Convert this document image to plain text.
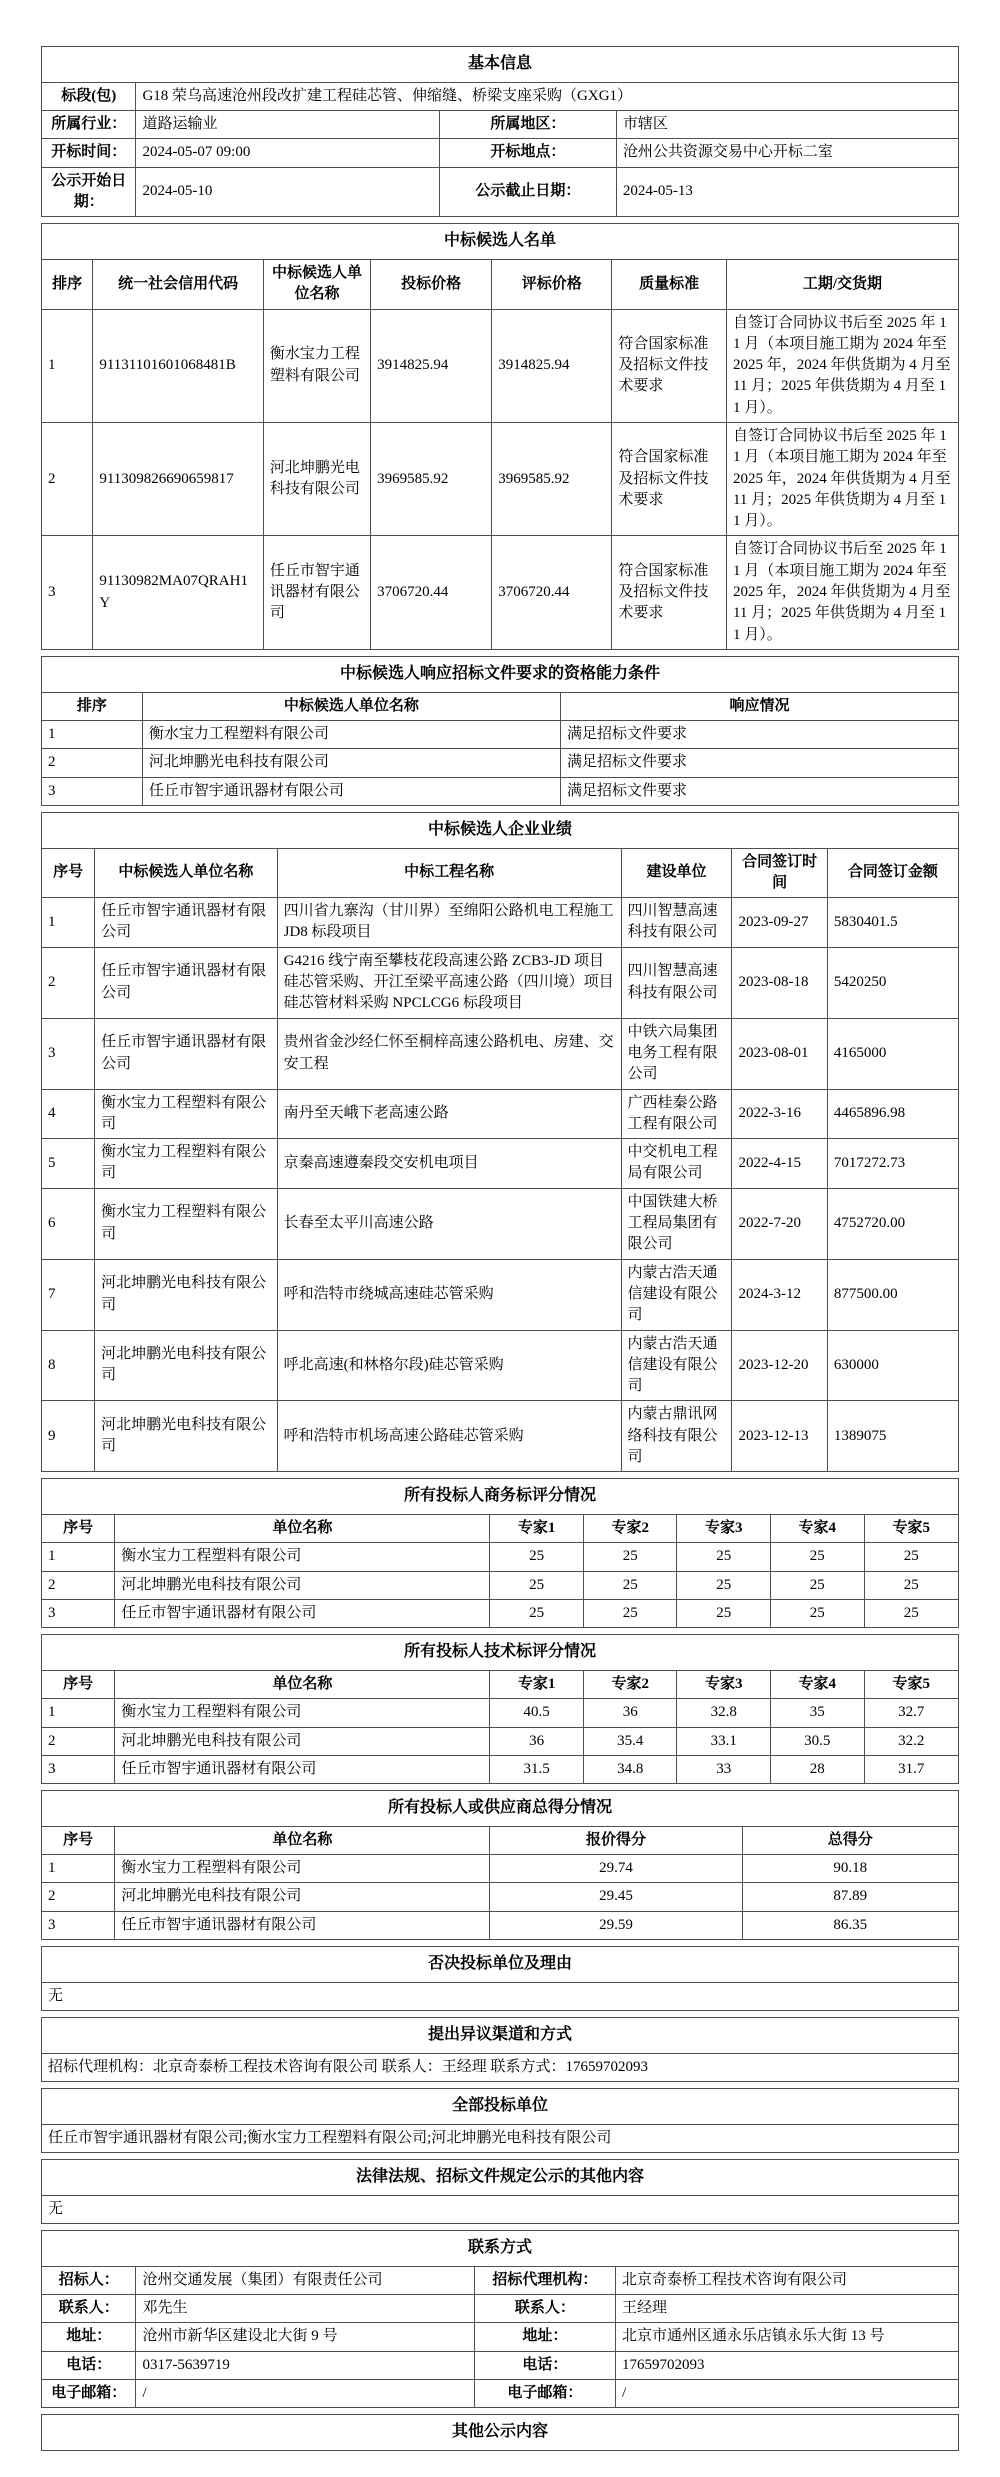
基本信息			
标段(包)	G18 荣乌高速沧州段改扩建工程硅芯管、伸缩缝、桥梁支座采购（GXG1）		
所属行业：	道路运输业	所属地区：	市辖区
开标时间：	2024-05-07 09:00	开标地点：	沧州公共资源交易中心开标二室
公示开始日期：	2024-05-10	公示截止日期：	2024-05-13
中标候选人名单						
排序	统一社会信用代码	中标候选人单位名称	投标价格	评标价格	质量标准	工期/交货期
1	91131101601068481B	衡水宝力工程塑料有限公司	3914825.94	3914825.94	符合国家标准及招标文件技术要求	自签订合同协议书后至 2025 年 11 月（本项目施工期为 2024 年至 2025 年，2024 年供货期为 4 月至 11 月；2025 年供货期为 4 月至 11 月）。
2	911309826690659817	河北坤鹏光电科技有限公司	3969585.92	3969585.92	符合国家标准及招标文件技术要求	自签订合同协议书后至 2025 年 11 月（本项目施工期为 2024 年至 2025 年，2024 年供货期为 4 月至 11 月；2025 年供货期为 4 月至 11 月）。
3	91130982MA07QRAH1Y	任丘市智宇通讯器材有限公司	3706720.44	3706720.44	符合国家标准及招标文件技术要求	自签订合同协议书后至 2025 年 11 月（本项目施工期为 2024 年至 2025 年，2024 年供货期为 4 月至 11 月；2025 年供货期为 4 月至 11 月）。
中标候选人响应招标文件要求的资格能力条件		
排序	中标候选人单位名称	响应情况
1	衡水宝力工程塑料有限公司	满足招标文件要求
2	河北坤鹏光电科技有限公司	满足招标文件要求
3	任丘市智宇通讯器材有限公司	满足招标文件要求
中标候选人企业业绩					
序号	中标候选人单位名称	中标工程名称	建设单位	合同签订时间	合同签订金额
1	任丘市智宇通讯器材有限公司	四川省九寨沟（甘川界）至绵阳公路机电工程施工 JD8 标段项目	四川智慧高速科技有限公司	2023-09-27	5830401.5
2	任丘市智宇通讯器材有限公司	G4216 线宁南至攀枝花段高速公路 ZCB3-JD 项目硅芯管采购、开江至梁平高速公路（四川境）项目硅芯管材料采购 NPCLCG6 标段项目	四川智慧高速科技有限公司	2023-08-18	5420250
3	任丘市智宇通讯器材有限公司	贵州省金沙经仁怀至桐梓高速公路机电、房建、交安工程	中铁六局集团电务工程有限公司	2023-08-01	4165000
4	衡水宝力工程塑料有限公司	南丹至天峨下老高速公路	广西桂秦公路工程有限公司	2022-3-16	4465896.98
5	衡水宝力工程塑料有限公司	京秦高速遵秦段交安机电项目	中交机电工程局有限公司	2022-4-15	7017272.73
6	衡水宝力工程塑料有限公司	长春至太平川高速公路	中国铁建大桥工程局集团有限公司	2022-7-20	4752720.00
7	河北坤鹏光电科技有限公司	呼和浩特市绕城高速硅芯管采购	内蒙古浩天通信建设有限公司	2024-3-12	877500.00
8	河北坤鹏光电科技有限公司	呼北高速(和林格尔段)硅芯管采购	内蒙古浩天通信建设有限公司	2023-12-20	630000
9	河北坤鹏光电科技有限公司	呼和浩特市机场高速公路硅芯管采购	内蒙古鼎讯网络科技有限公司	2023-12-13	1389075
所有投标人商务标评分情况						
序号	单位名称	专家1	专家2	专家3	专家4	专家5
1	衡水宝力工程塑料有限公司	25	25	25	25	25
2	河北坤鹏光电科技有限公司	25	25	25	25	25
3	任丘市智宇通讯器材有限公司	25	25	25	25	25
所有投标人技术标评分情况						
序号	单位名称	专家1	专家2	专家3	专家4	专家5
1	衡水宝力工程塑料有限公司	40.5	36	32.8	35	32.7
2	河北坤鹏光电科技有限公司	36	35.4	33.1	30.5	32.2
3	任丘市智宇通讯器材有限公司	31.5	34.8	33	28	31.7
所有投标人或供应商总得分情况			
序号	单位名称	报价得分	总得分
1	衡水宝力工程塑料有限公司	29.74	90.18
2	河北坤鹏光电科技有限公司	29.45	87.89
3	任丘市智宇通讯器材有限公司	29.59	86.35
否决投标单位及理由
无
提出异议渠道和方式
招标代理机构：北京奇泰桥工程技术咨询有限公司 联系人：王经理 联系方式：17659702093
全部投标单位
任丘市智宇通讯器材有限公司;衡水宝力工程塑料有限公司;河北坤鹏光电科技有限公司
法律法规、招标文件规定公示的其他内容
无
联系方式			
招标人：	沧州交通发展（集团）有限责任公司	招标代理机构：	北京奇泰桥工程技术咨询有限公司
联系人：	邓先生	联系人：	王经理
地址：	沧州市新华区建设北大街 9 号	地址：	北京市通州区通永乐店镇永乐大街 13 号
电话：	0317-5639719	电话：	17659702093
电子邮箱：	/	电子邮箱：	/
其他公示内容
